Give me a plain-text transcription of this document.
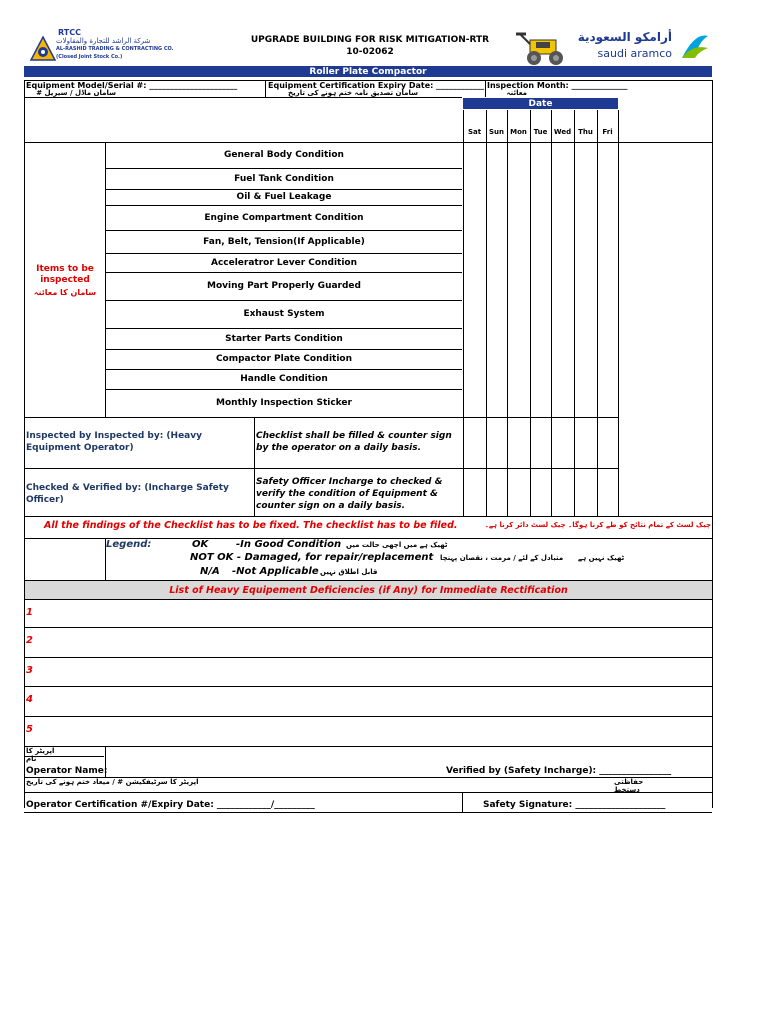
RTCC
شركة الراشد للتجارة والمقاولات
AL-RASHID TRADING & CONTRACTING CO.
(Closed Joint Stock Co.)
UPGRADE BUILDING FOR RISK MITIGATION-RTR
10-02062
أرامكو السعودية
saudi aramco
Roller Plate Compactor
Equipment Model/Serial #: ______________________
سامان ماڈل / سیریل #
Equipment Certification Expiry Date: ____________
سامان تصدیق نامہ ختم ہونے کی تاریخ
Inspection Month: ______________
معائنہ
Date
Sat	Sun Mon Tue Wed	Thu	Fri
Items to be inspected
سامان کا معائنہ
General Body Condition
Fuel Tank Condition
Oil & Fuel Leakage
Engine Compartment Condition
Fan, Belt, Tension(If Applicable)
Acceleratror Lever Condition
Moving Part Properly Guarded
Exhaust System
Starter Parts Condition
Compactor Plate Condition
Handle Condition
Monthly Inspection Sticker
Inspected by Inspected by: (Heavy Equipment Operator)
Checklist shall be filled & counter sign by the operator on a daily basis.
Checked & Verified by: (Incharge Safety Officer)
Safety Officer Incharge to checked & verify the condition of Equipment & counter sign on a daily basis.
All the findings of the Checklist has to be fixed. The checklist has to be filed.	چیک لسٹ کے تمام نتائج کو طے کرنا ہوگا۔ چیک لسٹ دائر کرنا ہے۔
Legend:	OK	-In Good Condition ٹھیک ہے میں اچھی حالت میں
NOT OK - Damaged, for repair/replacement متبادل کے لئے / مرمت ، نقصان پہنچا	ٹھیک نہیں ہے
N/A -Not Applicable قابل اطلاق نہیں
List of Heavy Equipement Deficiencies (if Any) for Immediate Rectification
1
2
3
4
5
آپریٹر کا نام
Operator Name:	Verified by (Safety Incharge): ________________
آپریٹر کا سرٹیفکیشن # / میعاد ختم ہونے کی تاریخ	حفاظتی دستخط
Operator Certification #/Expiry Date: ____________/_________	Safety Signature: ____________________
